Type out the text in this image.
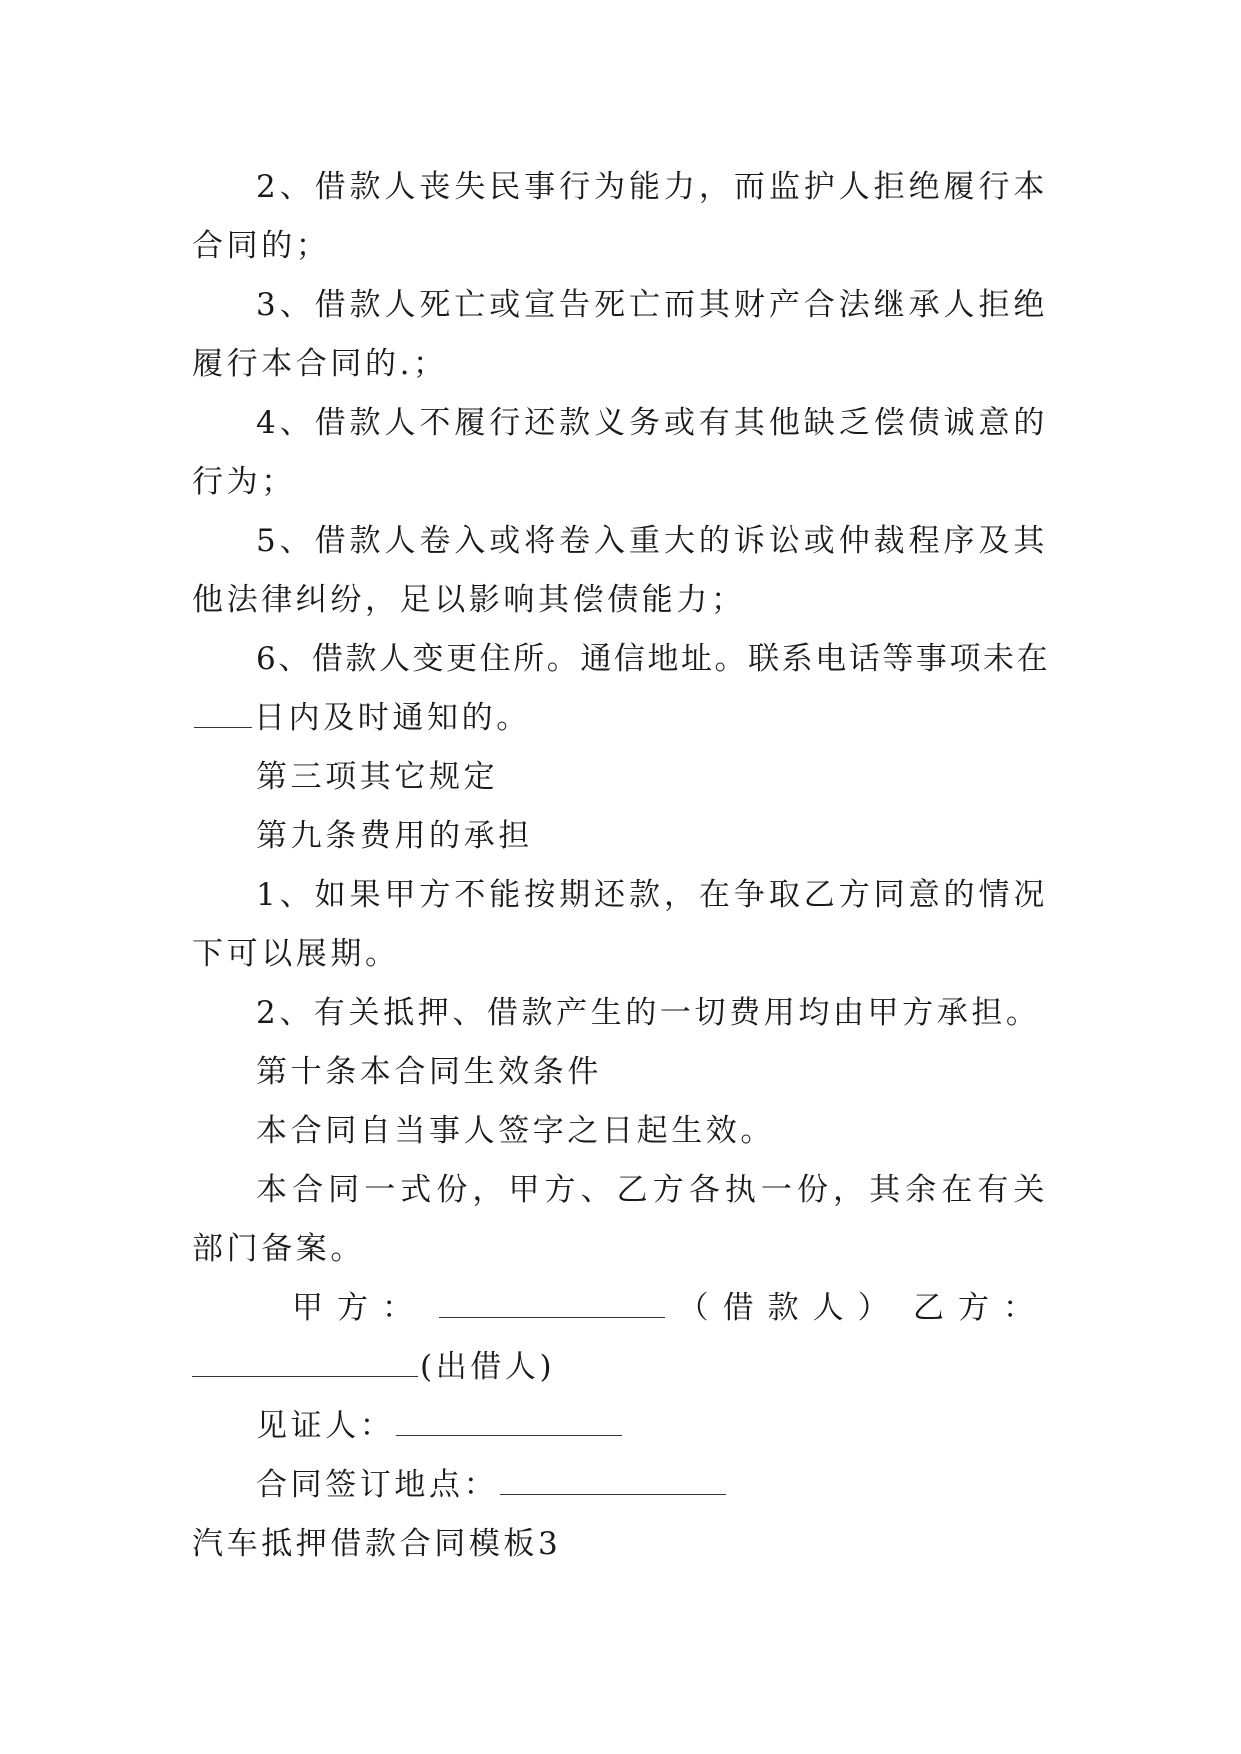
2、借款人丧失民事行为能力，而监护人拒绝履行本合同的；

3、借款人死亡或宣告死亡而其财产合法继承人拒绝履行本合同的.；

4、借款人不履行还款义务或有其他缺乏偿债诚意的行为；

5、借款人卷入或将卷入重大的诉讼或仲裁程序及其他法律纠纷，足以影响其偿债能力；

6、借款人变更住所。通信地址。联系电话等事项未在日内及时通知的。

第三项其它规定

第九条费用的承担

1、如果甲方不能按期还款，在争取乙方同意的情况下可以展期。

2、有关抵押、借款产生的一切费用均由甲方承担。

第十条本合同生效条件

本合同自当事人签字之日起生效。

本合同一式份，甲方、乙方各执一份，其余在有关部门备案。

甲方：	（借款人） 乙方：

(出借人)

见证人：

合同签订地点：

汽车抵押借款合同模板3
